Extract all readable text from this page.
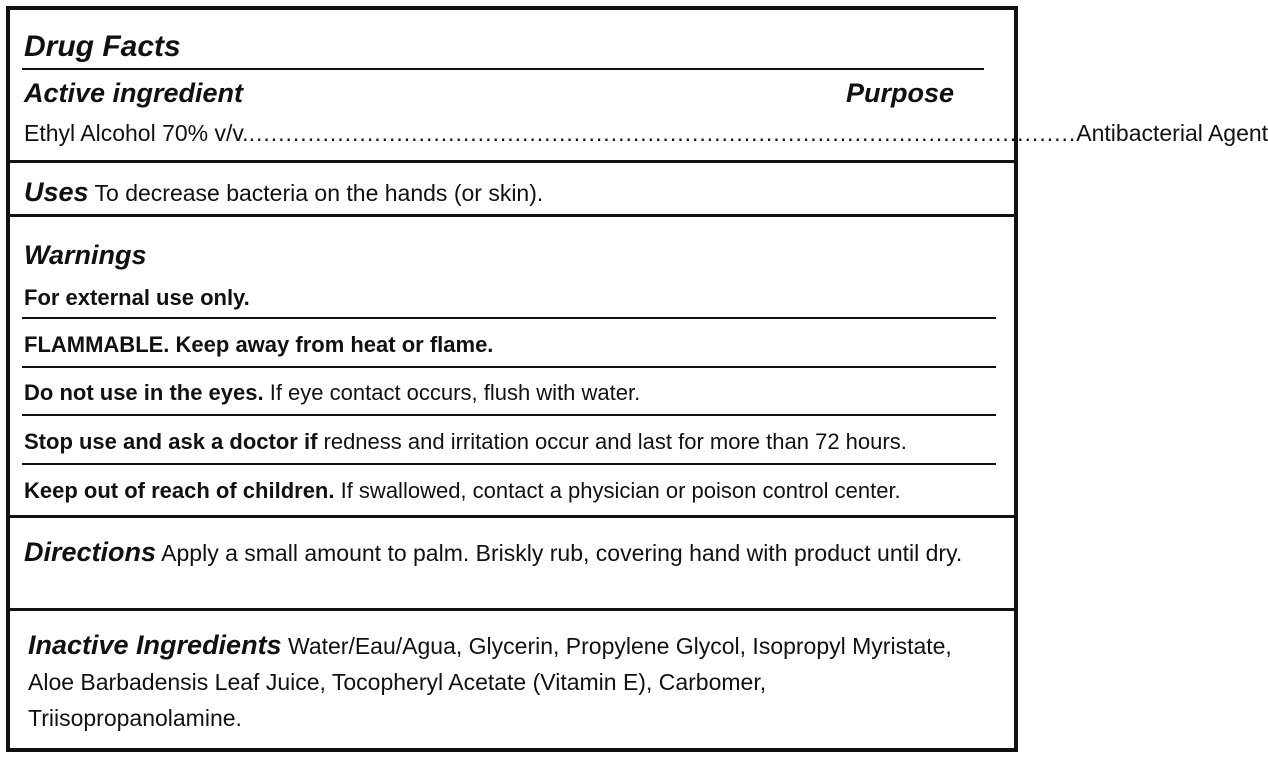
Drug Facts
Active ingredient	Purpose
Ethyl Alcohol 70% v/v. ................................................................................................................ Antibacterial Agent
Uses To decrease bacteria on the hands (or skin).
Warnings
For external use only.
FLAMMABLE. Keep away from heat or flame.
Do not use in the eyes. If eye contact occurs, flush with water.
Stop use and ask a doctor if redness and irritation occur and last for more than 72 hours.
Keep out of reach of children. If swallowed, contact a physician or poison control center.
Directions Apply a small amount to palm. Briskly rub, covering hand with product until dry.
Inactive Ingredients Water/Eau/Agua, Glycerin, Propylene Glycol, Isopropyl Myristate, Aloe Barbadensis Leaf Juice, Tocopheryl Acetate (Vitamin E), Carbomer, Triisopropanolamine.
